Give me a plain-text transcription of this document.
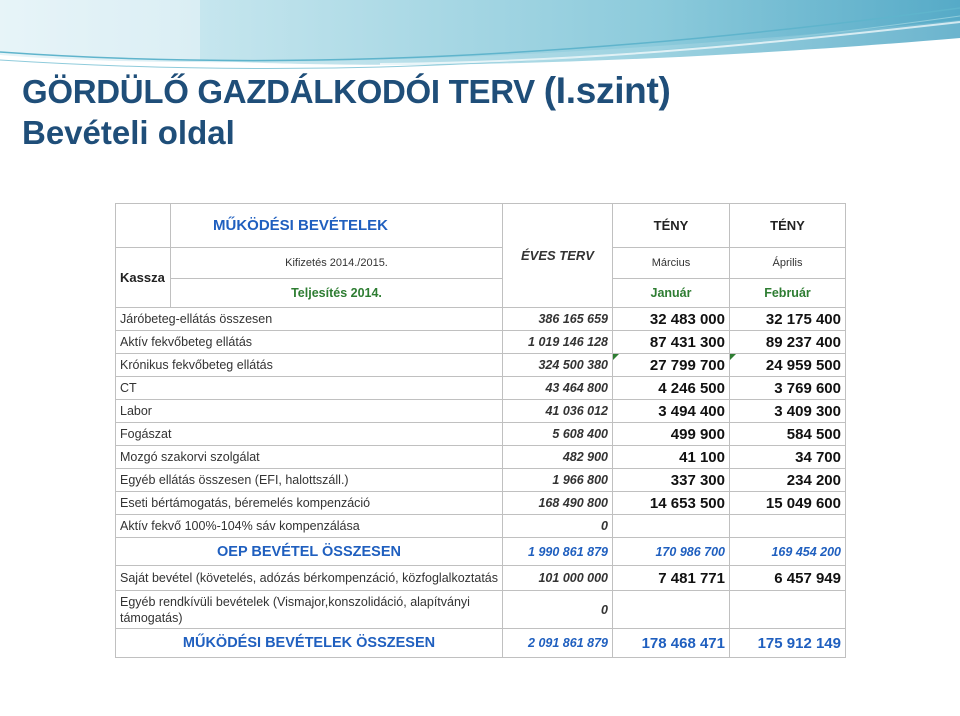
GÖRDÜLŐ GAZDÁLKODÓI TERV (I.szint)
Bevételi oldal
	MŰKÖDÉSI BEVÉTELEK	ÉVES TERV	TÉNY	TÉNY
Kassza	Kifizetés 2014./2015.		Március	Április
	Teljesítés 2014.		Január	Február
Járóbeteg-ellátás összesen		386 165 659	32 483 000	32 175 400
Aktív fekvőbeteg ellátás		1 019 146 128	87 431 300	89 237 400
Krónikus fekvőbeteg ellátás		324 500 380	27 799 700	24 959 500
CT		43 464 800	4 246 500	3 769 600
Labor		41 036 012	3 494 400	3 409 300
Fogászat		5 608 400	499 900	584 500
Mozgó szakorvi szolgálat		482 900	41 100	34 700
Egyéb ellátás összesen (EFI, halottszáll.)		1 966 800	337 300	234 200
Eseti bértámogatás, béremelés kompenzáció		168 490 800	14 653 500	15 049 600
Aktív fekvő 100%-104% sáv kompenzálása		0		
OEP BEVÉTEL ÖSSZESEN		1 990 861 879	170 986 700	169 454 200
Saját bevétel (követelés, adózás bérkompenzáció, közfoglalkoztatás		101 000 000	7 481 771	6 457 949
Egyéb rendkívüli bevételek (Vismajor,konszolidáció, alapítványi támogatás)		0		
MŰKÖDÉSI BEVÉTELEK ÖSSZESEN		2 091 861 879	178 468 471	175 912 149
